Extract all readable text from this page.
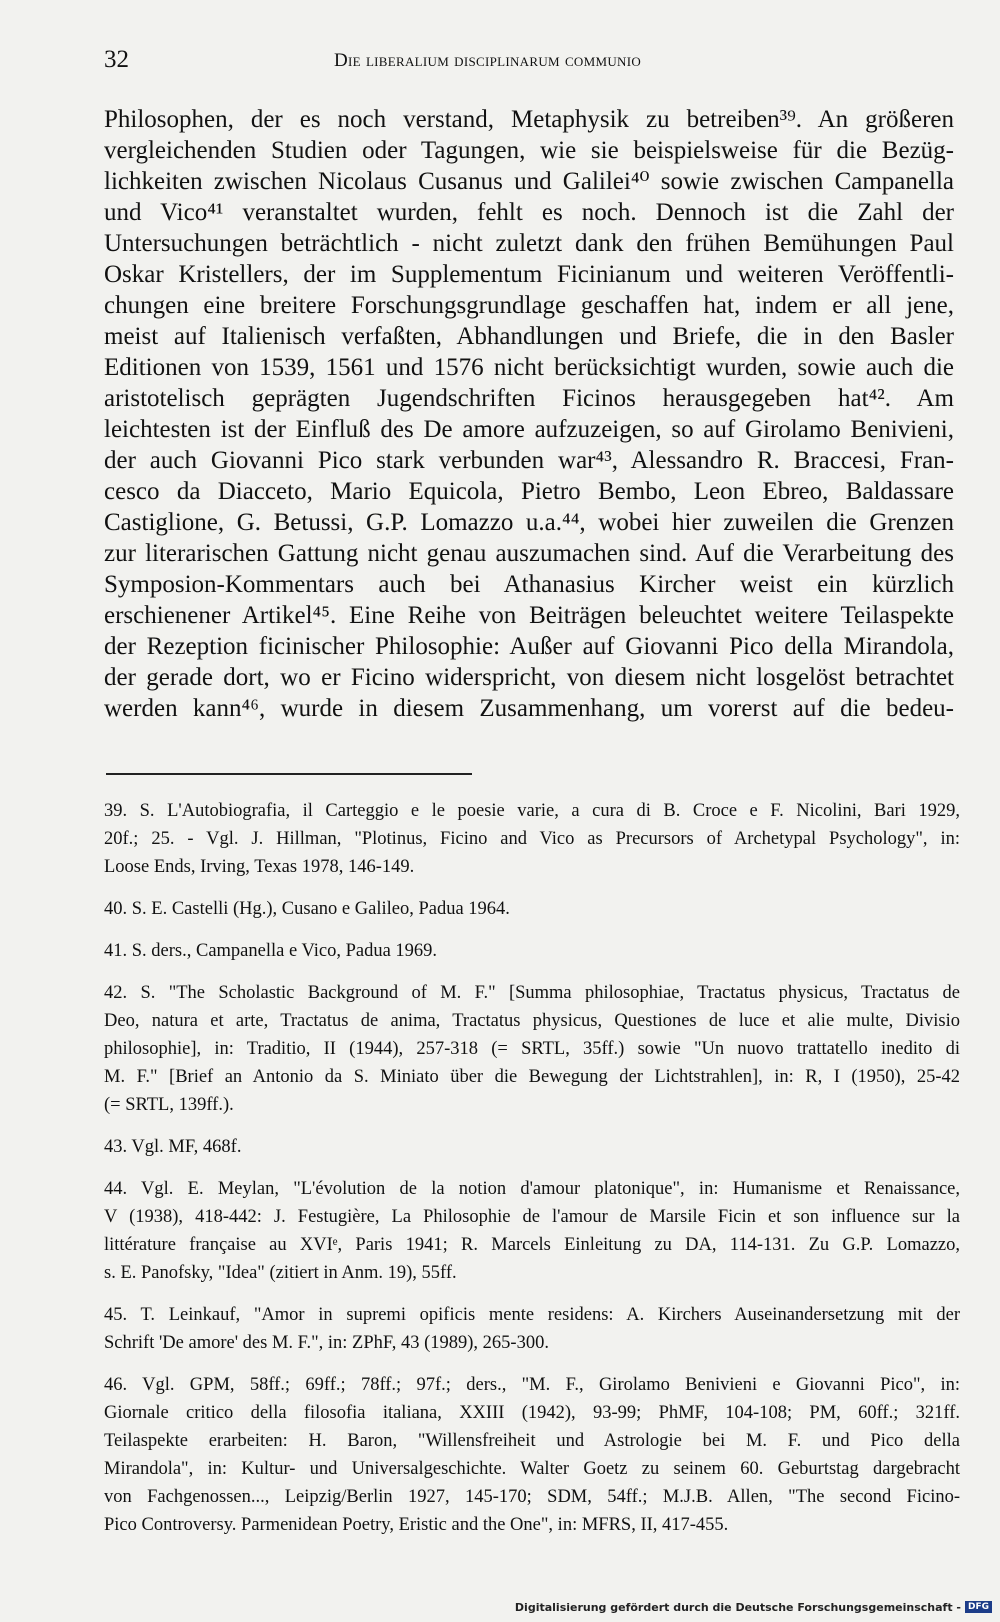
32	Die liberalium disciplinarum communio
Philosophen, der es noch verstand, Metaphysik zu betreiben³⁹. An größeren
vergleichenden Studien oder Tagungen, wie sie beispielsweise für die Bezüg-
lichkeiten zwischen Nicolaus Cusanus und Galilei⁴⁰ sowie zwischen Campanella
und Vico⁴¹ veranstaltet wurden, fehlt es noch. Dennoch ist die Zahl der
Untersuchungen beträchtlich - nicht zuletzt dank den frühen Bemühungen Paul
Oskar Kristellers, der im Supplementum Ficinianum und weiteren Veröffentli-
chungen eine breitere Forschungsgrundlage geschaffen hat, indem er all jene,
meist auf Italienisch verfaßten, Abhandlungen und Briefe, die in den Basler
Editionen von 1539, 1561 und 1576 nicht berücksichtigt wurden, sowie auch die
aristotelisch geprägten Jugendschriften Ficinos herausgegeben hat⁴². Am
leichtesten ist der Einfluß des De amore aufzuzeigen, so auf Girolamo Benivieni,
der auch Giovanni Pico stark verbunden war⁴³, Alessandro R. Braccesi, Fran-
cesco da Diacceto, Mario Equicola, Pietro Bembo, Leon Ebreo, Baldassare
Castiglione, G. Betussi, G.P. Lomazzo u.a.⁴⁴, wobei hier zuweilen die Grenzen
zur literarischen Gattung nicht genau auszumachen sind. Auf die Verarbeitung des
Symposion-Kommentars auch bei Athanasius Kircher weist ein kürzlich
erschienener Artikel⁴⁵. Eine Reihe von Beiträgen beleuchtet weitere Teilaspekte
der Rezeption ficinischer Philosophie: Außer auf Giovanni Pico della Mirandola,
der gerade dort, wo er Ficino widerspricht, von diesem nicht losgelöst betrachtet
werden kann⁴⁶, wurde in diesem Zusammenhang, um vorerst auf die bedeu-
39. S. L'Autobiografia, il Carteggio e le poesie varie, a cura di B. Croce e F. Nicolini, Bari 1929,
20f.; 25. - Vgl. J. Hillman, "Plotinus, Ficino and Vico as Precursors of Archetypal Psychology", in:
Loose Ends, Irving, Texas 1978, 146-149.
40. S. E. Castelli (Hg.), Cusano e Galileo, Padua 1964.
41. S. ders., Campanella e Vico, Padua 1969.
42. S. "The Scholastic Background of M. F." [Summa philosophiae, Tractatus physicus, Tractatus de
Deo, natura et arte, Tractatus de anima, Tractatus physicus, Questiones de luce et alie multe, Divisio
philosophie], in: Traditio, II (1944), 257-318 (= SRTL, 35ff.) sowie "Un nuovo trattatello inedito di
M. F." [Brief an Antonio da S. Miniato über die Bewegung der Lichtstrahlen], in: R, I (1950), 25-42
(= SRTL, 139ff.).
43. Vgl. MF, 468f.
44. Vgl. E. Meylan, "L'évolution de la notion d'amour platonique", in: Humanisme et Renaissance,
V (1938), 418-442: J. Festugière, La Philosophie de l'amour de Marsile Ficin et son influence sur la
littérature française au XVIᵉ, Paris 1941; R. Marcels Einleitung zu DA, 114-131. Zu G.P. Lomazzo,
s. E. Panofsky, "Idea" (zitiert in Anm. 19), 55ff.
45. T. Leinkauf, "Amor in supremi opificis mente residens: A. Kirchers Auseinandersetzung mit der
Schrift 'De amore' des M. F.", in: ZPhF, 43 (1989), 265-300.
46. Vgl. GPM, 58ff.; 69ff.; 78ff.; 97f.; ders., "M. F., Girolamo Benivieni e Giovanni Pico", in:
Giornale critico della filosofia italiana, XXIII (1942), 93-99; PhMF, 104-108; PM, 60ff.; 321ff.
Teilaspekte erarbeiten: H. Baron, "Willensfreiheit und Astrologie bei M. F. und Pico della
Mirandola", in: Kultur- und Universalgeschichte. Walter Goetz zu seinem 60. Geburtstag dargebracht
von Fachgenossen..., Leipzig/Berlin 1927, 145-170; SDM, 54ff.; M.J.B. Allen, "The second Ficino-
Pico Controversy. Parmenidean Poetry, Eristic and the One", in: MFRS, II, 417-455.
Digitalisierung gefördert durch die Deutsche Forschungsgemeinschaft - DFG
